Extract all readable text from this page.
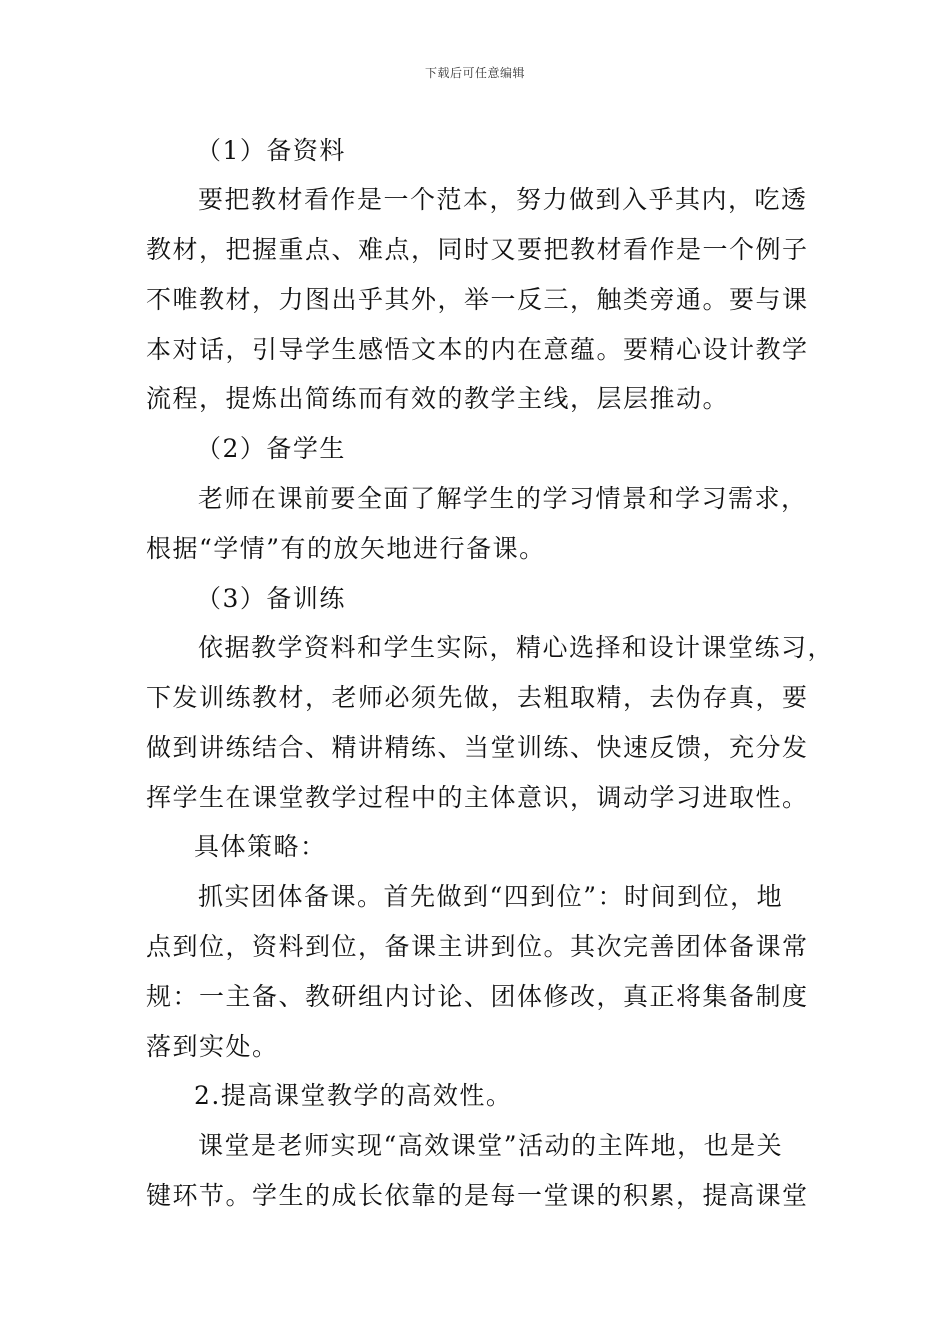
下载后可任意编辑
（1）备资料
要把教材看作是一个范本，努力做到入乎其内，吃透
教材，把握重点、难点，同时又要把教材看作是一个例子
不唯教材，力图出乎其外，举一反三，触类旁通。要与课
本对话，引导学生感悟文本的内在意蕴。要精心设计教学
流程，提炼出简练而有效的教学主线，层层推动。
（2）备学生
老师在课前要全面了解学生的学习情景和学习需求，
根据“学情”有的放矢地进行备课。
（3）备训练
依据教学资料和学生实际，精心选择和设计课堂练习，
下发训练教材，老师必须先做，去粗取精，去伪存真，要
做到讲练结合、精讲精练、当堂训练、快速反馈，充分发
挥学生在课堂教学过程中的主体意识，调动学习进取性。
具体策略：
抓实团体备课。首先做到“四到位”：时间到位，地
点到位，资料到位，备课主讲到位。其次完善团体备课常
规：一主备、教研组内讨论、团体修改，真正将集备制度
落到实处。
2.提高课堂教学的高效性。
课堂是老师实现“高效课堂”活动的主阵地，也是关
键环节。学生的成长依靠的是每一堂课的积累，提高课堂
